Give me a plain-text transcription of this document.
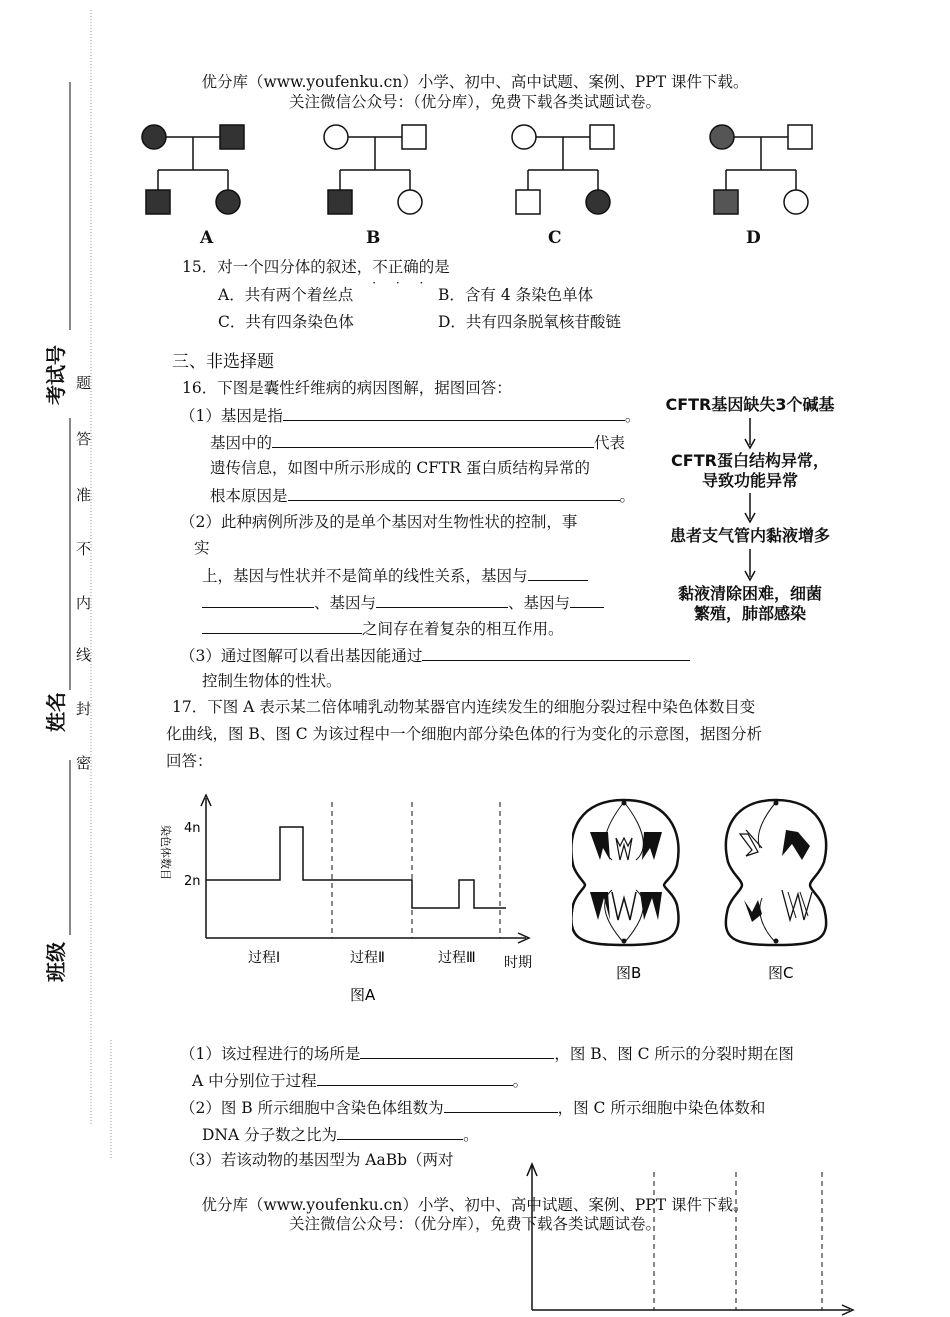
优分库（www.youfenku.cn）小学、初中、高中试题、案例、PPT 课件下载。
关注微信公众号：（优分库），免费下载各类试题试卷。
考试号
姓名
班级
题
答
准
不
内
线
封
密
A	B	C	D
15．对一个四分体的叙述，不正确
· · ·
的是
A．共有两个着丝点	B．含有 4 条染色单体
C．共有四条染色体	D．共有四条脱氧核苷酸链
三、非选择题
16．下图是囊性纤维病的病因图解，据图回答：
（1）基因是指	。
基因中的	代表
遗传信息，如图中所示形成的 CFTR 蛋白质结构异常的
根本原因是	。
（2）此种病例所涉及的是单个基因对生物性状的控制，事
实
上，基因与性状并不是简单的线性关系，基因与
、基因与	、基因与
之间存在着复杂的相互作用。
（3）通过图解可以看出基因能通过
控制生物体的性状。
CFTR基因缺失3个碱基
CFTR蛋白结构异常，
导致功能异常
患者支气管内黏液增多
黏液清除困难，细菌
繁殖，肺部感染
17．下图 A 表示某二倍体哺乳动物某器官内连续发生的细胞分裂过程中染色体数目变
化曲线，图 B、图 C 为该过程中一个细胞内部分染色体的行为变化的示意图，据图分析
回答：
染色体数目 4n
2n
过程Ⅰ	过程Ⅱ	过程Ⅲ 时期
图A
图B	图C
（1）该过程进行的场所是	，图 B、图 C 所示的分裂时期在图
A 中分别位于过程	。
（2）图 B 所示细胞中含染色体组数为	，图 C 所示细胞中染色体数和
DNA 分子数之比为	。
（3）若该动物的基因型为 AaBb（两对
优分库（www.youfenku.cn）小学、初中、高中试题、案例、PPT 课件下载。
关注微信公众号：（优分库），免费下载各类试题试卷。
